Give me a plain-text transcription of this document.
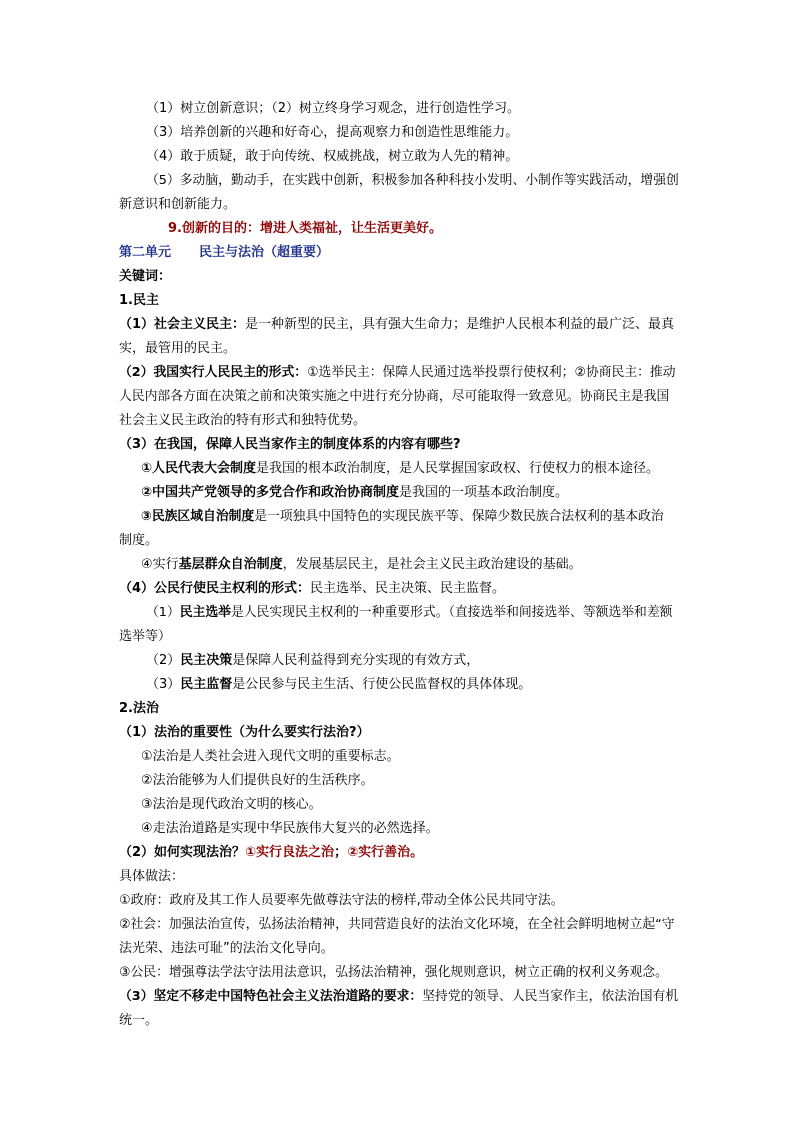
（1）树立创新意识；（2）树立终身学习观念，进行创造性学习。
（3）培养创新的兴趣和好奇心，提高观察力和创造性思维能力。
（4）敢于质疑，敢于向传统、权威挑战，树立敢为人先的精神。
（5）多动脑，勤动手，在实践中创新，积极参加各种科技小发明、小制作等实践活动，增强创
新意识和创新能力。
9.创新的目的：增进人类福祉，让生活更美好。
第二单元 民主与法治（超重要）
关键词：
1.民主
（1）社会主义民主：是一种新型的民主，具有强大生命力；是维护人民根本利益的最广泛、最真
实，最管用的民主。
（2）我国实行人民民主的形式：①选举民主：保障人民通过选举投票行使权利；②协商民主：推动
人民内部各方面在决策之前和决策实施之中进行充分协商，尽可能取得一致意见。协商民主是我国
社会主义民主政治的特有形式和独特优势。
（3）在我国，保障人民当家作主的制度体系的内容有哪些?
①人民代表大会制度是我国的根本政治制度，是人民掌握国家政权、行使权力的根本途径。
②中国共产党领导的多党合作和政治协商制度是我国的一项基本政治制度。
③民族区域自治制度是一项独具中国特色的实现民族平等、保障少数民族合法权利的基本政治
制度。
④实行基层群众自治制度，发展基层民主，是社会主义民主政治建设的基础。
（4）公民行使民主权利的形式：民主选举、民主决策、民主监督。
（1）民主选举是人民实现民主权利的一种重要形式。（直接选举和间接选举、等额选举和差额
选举等）
（2）民主决策是保障人民利益得到充分实现的有效方式，
（3）民主监督是公民参与民主生活、行使公民监督权的具体体现。
2.法治
（1）法治的重要性（为什么要实行法治?）
①法治是人类社会进入现代文明的重要标志。
②法治能够为人们提供良好的生活秩序。
③法治是现代政治文明的核心。
④走法治道路是实现中华民族伟大复兴的必然选择。
（2）如何实现法治？①实行良法之治；②实行善治。
具体做法：
①政府：政府及其工作人员要率先做尊法守法的榜样,带动全体公民共同守法。
②社会：加强法治宣传，弘扬法治精神，共同营造良好的法治文化环境，在全社会鲜明地树立起“守
法光荣、违法可耻”的法治文化导向。
③公民：增强尊法学法守法用法意识，弘扬法治精神，强化规则意识，树立正确的权利义务观念。
（3）坚定不移走中国特色社会主义法治道路的要求：坚持党的领导、人民当家作主，依法治国有机
统一。
